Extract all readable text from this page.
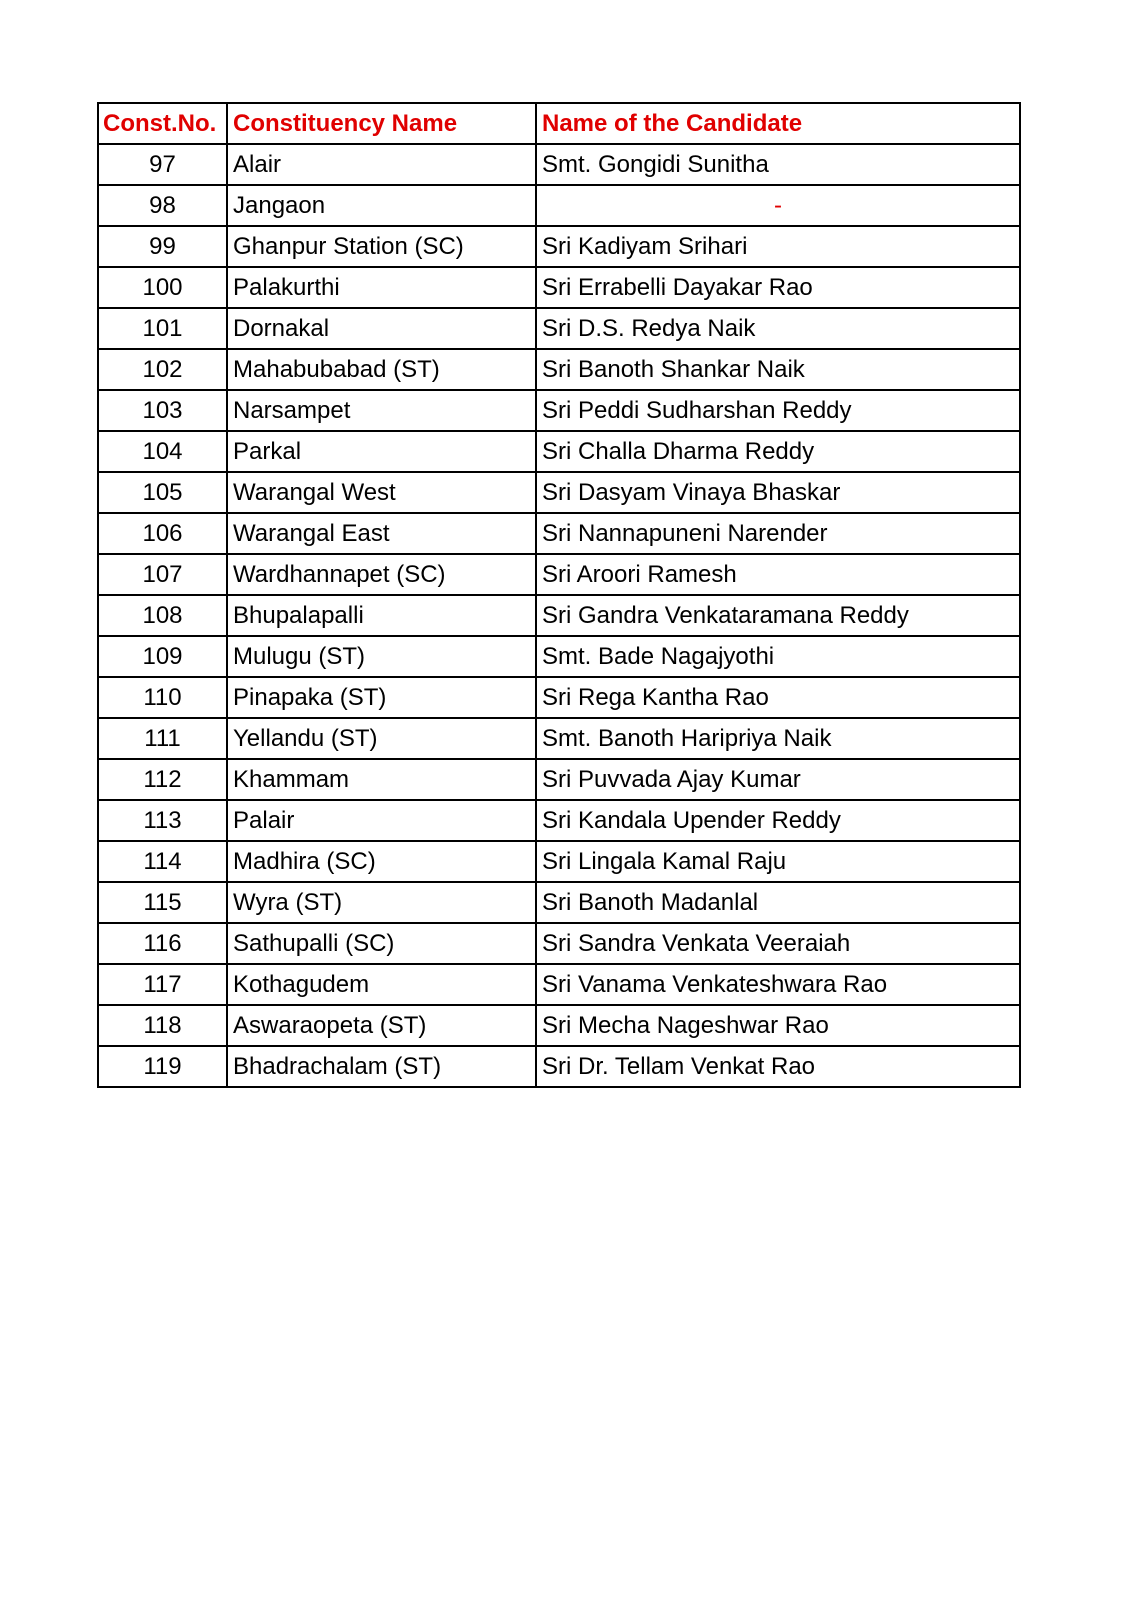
Const.No.	Constituency Name	Name of the Candidate
97	Alair	Smt. Gongidi Sunitha
98	Jangaon	-
99	Ghanpur Station (SC)	Sri Kadiyam Srihari
100	Palakurthi	Sri Errabelli Dayakar Rao
101	Dornakal	Sri D.S. Redya Naik
102	Mahabubabad (ST)	Sri Banoth Shankar Naik
103	Narsampet	Sri Peddi Sudharshan Reddy
104	Parkal	Sri Challa Dharma Reddy
105	Warangal West	Sri Dasyam Vinaya Bhaskar
106	Warangal East	Sri Nannapuneni Narender
107	Wardhannapet (SC)	Sri Aroori Ramesh
108	Bhupalapalli	Sri Gandra Venkataramana Reddy
109	Mulugu (ST)	Smt. Bade Nagajyothi
110	Pinapaka (ST)	Sri Rega Kantha Rao
111	Yellandu (ST)	Smt. Banoth Haripriya Naik
112	Khammam	Sri Puvvada Ajay Kumar
113	Palair	Sri Kandala Upender Reddy
114	Madhira (SC)	Sri Lingala Kamal Raju
115	Wyra (ST)	Sri Banoth Madanlal
116	Sathupalli (SC)	Sri Sandra Venkata Veeraiah
117	Kothagudem	Sri Vanama Venkateshwara Rao
118	Aswaraopeta (ST)	Sri Mecha Nageshwar Rao
119	Bhadrachalam (ST)	Sri Dr. Tellam Venkat Rao
